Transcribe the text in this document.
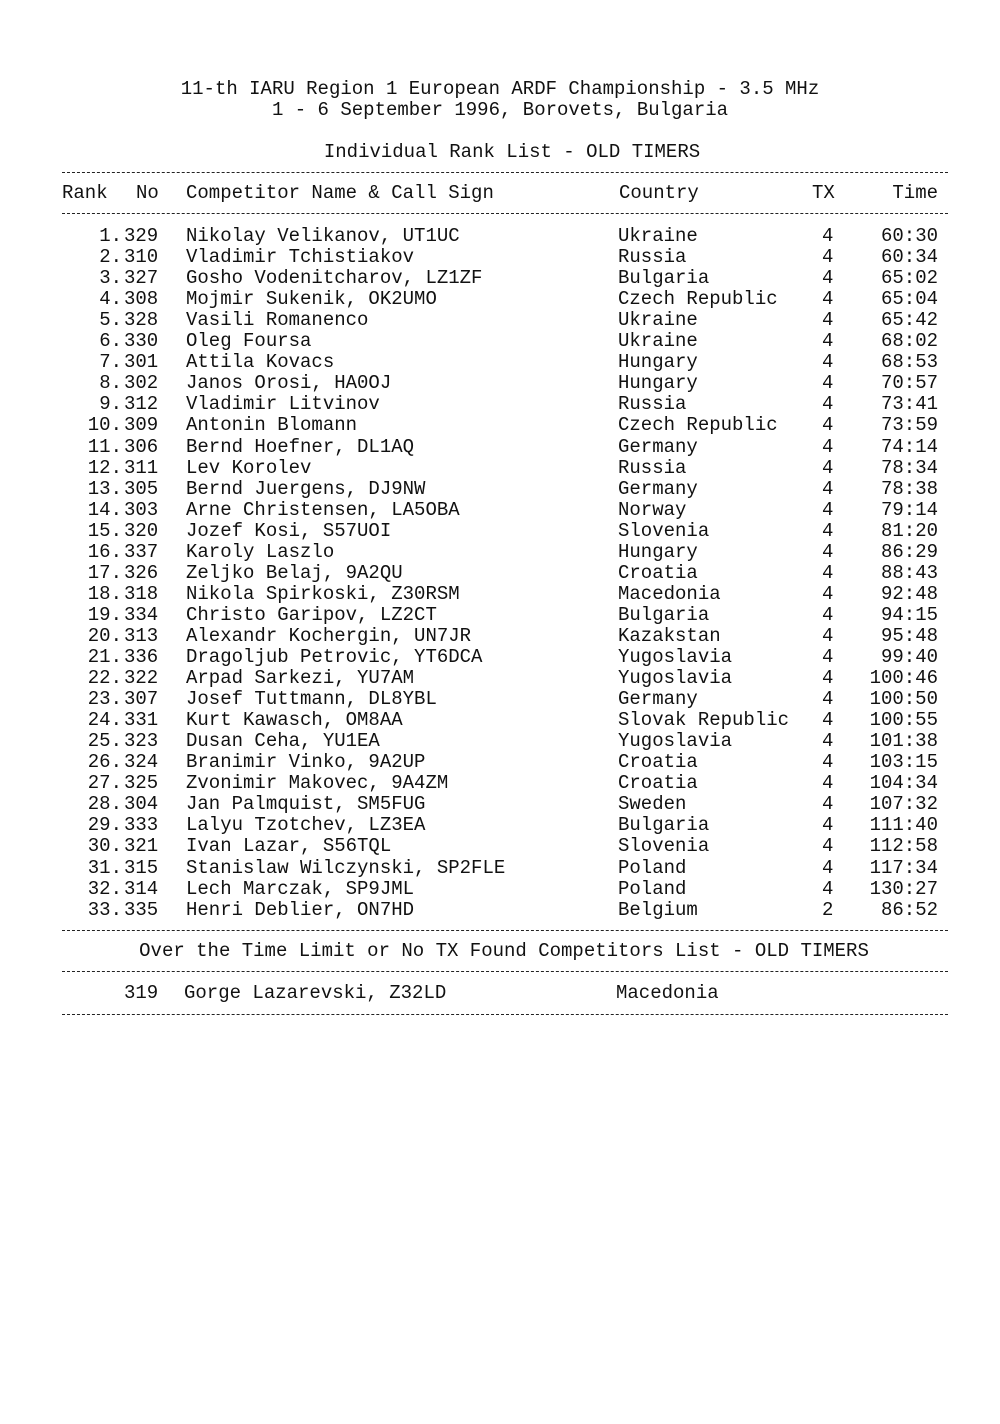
11-th IARU Region 1 European ARDF Championship - 3.5 MHz
1 - 6 September 1996, Borovets, Bulgaria
Individual Rank List - OLD TIMERS
Rank No Competitor Name & Call Sign	Country	TX	Time
1. 329 Nikolay Velikanov, UT1UC	Ukraine	4	60:30
2. 310 Vladimir Tchistiakov	Russia	4	60:34
3. 327 Gosho Vodenitcharov, LZ1ZF	Bulgaria	4	65:02
4. 308 Mojmir Sukenik, OK2UMO	Czech Republic 4	65:04
5. 328 Vasili Romanenco	Ukraine	4	65:42
6. 330 Oleg Foursa	Ukraine	4	68:02
7. 301 Attila Kovacs	Hungary	4	68:53
8. 302 Janos Orosi, HA0OJ	Hungary	4	70:57
9. 312 Vladimir Litvinov	Russia	4	73:41
10. 309 Antonin Blomann	Czech Republic 4	73:59
11. 306 Bernd Hoefner, DL1AQ	Germany	4	74:14
12. 311 Lev Korolev	Russia	4	78:34
13. 305 Bernd Juergens, DJ9NW	Germany	4	78:38
14. 303 Arne Christensen, LA5OBA	Norway	4	79:14
15. 320 Jozef Kosi, S57UOI	Slovenia	4	81:20
16. 337 Karoly Laszlo	Hungary	4	86:29
17. 326 Zeljko Belaj, 9A2QU	Croatia	4	88:43
18. 318 Nikola Spirkoski, Z30RSM	Macedonia	4	92:48
19. 334 Christo Garipov, LZ2CT	Bulgaria	4	94:15
20. 313 Alexandr Kochergin, UN7JR	Kazakstan	4	95:48
21. 336 Dragoljub Petrovic, YT6DCA	Yugoslavia	4	99:40
22. 322 Arpad Sarkezi, YU7AM	Yugoslavia	4	100:46
23. 307 Josef Tuttmann, DL8YBL	Germany	4	100:50
24. 331 Kurt Kawasch, OM8AA	Slovak Republic 4	100:55
25. 323 Dusan Ceha, YU1EA	Yugoslavia	4	101:38
26. 324 Branimir Vinko, 9A2UP	Croatia	4	103:15
27. 325 Zvonimir Makovec, 9A4ZM	Croatia	4	104:34
28. 304 Jan Palmquist, SM5FUG	Sweden	4	107:32
29. 333 Lalyu Tzotchev, LZ3EA	Bulgaria	4	111:40
30. 321 Ivan Lazar, S56TQL	Slovenia	4	112:58
31. 315 Stanislaw Wilczynski, SP2FLE	Poland	4	117:34
32. 314 Lech Marczak, SP9JML	Poland	4	130:27
33. 335 Henri Deblier, ON7HD	Belgium	2	86:52
Over the Time Limit or No TX Found Competitors List - OLD TIMERS
319 Gorge Lazarevski, Z32LD	Macedonia
